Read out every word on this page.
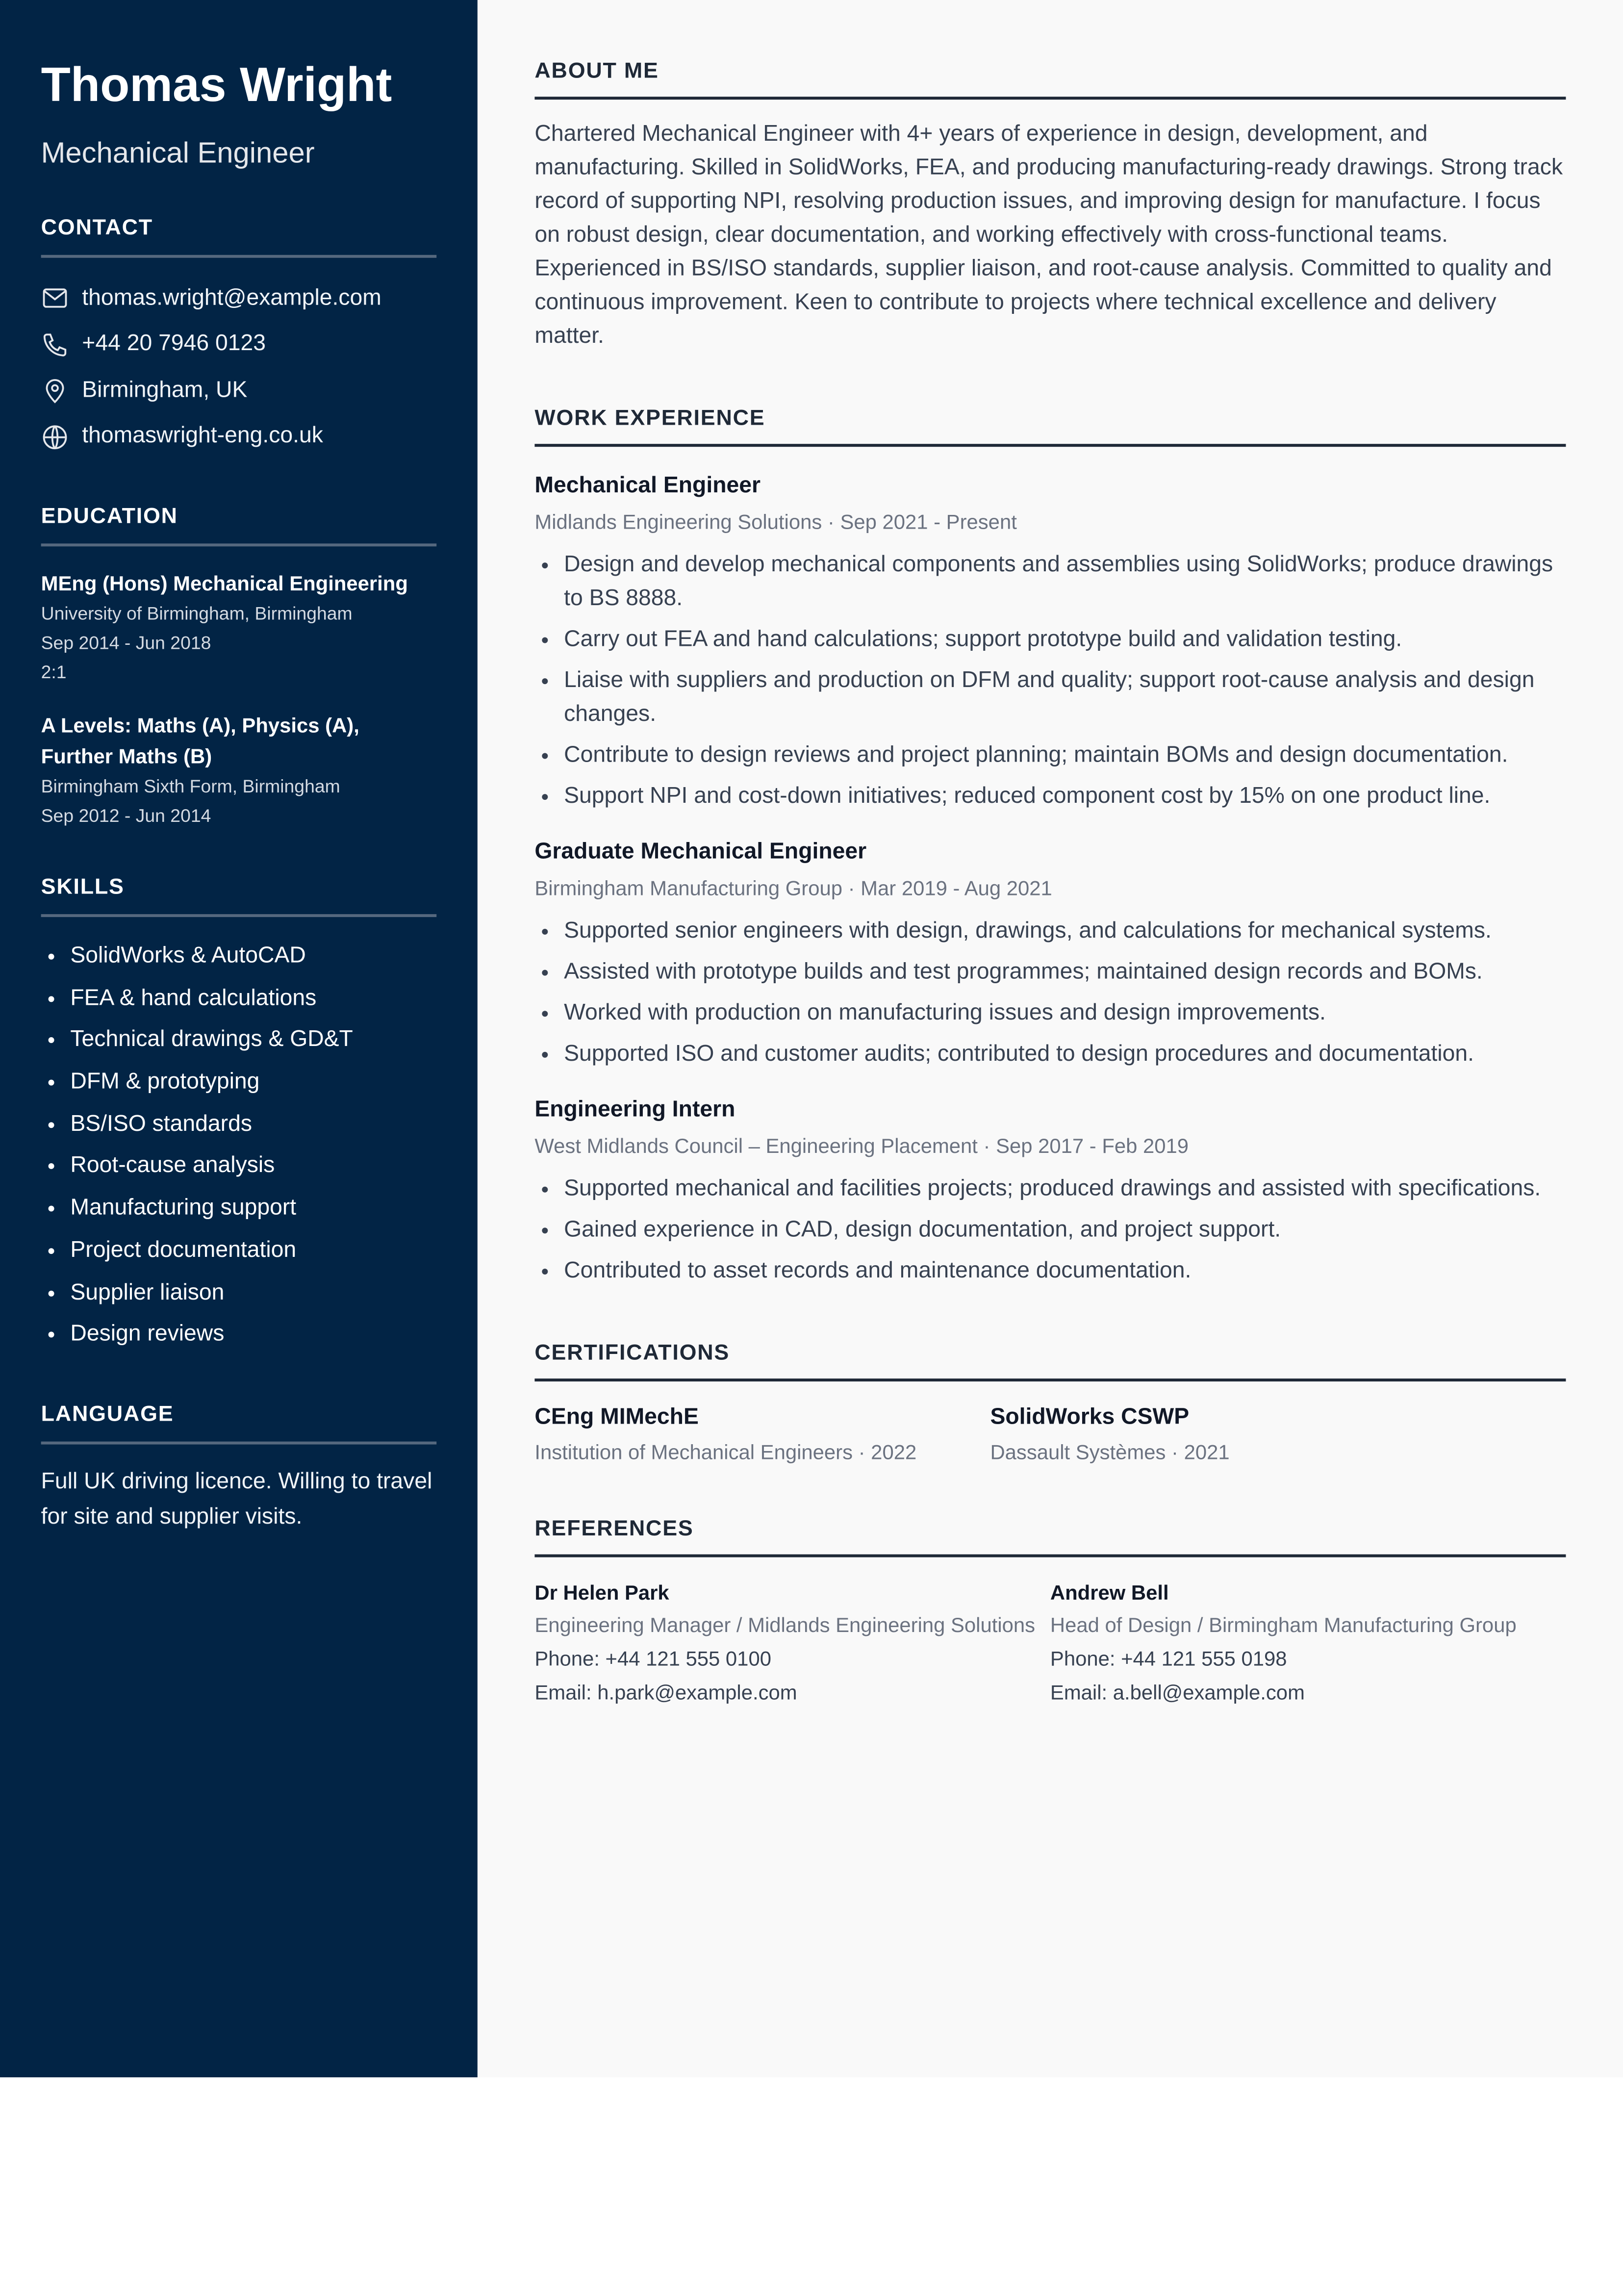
Thomas Wright
Mechanical Engineer
CONTACT
thomas.wright@example.com
+44 20 7946 0123
Birmingham, UK
thomaswright-eng.co.uk
EDUCATION
MEng (Hons) Mechanical Engineering
University of Birmingham, Birmingham
Sep 2014 - Jun 2018
2:1
A Levels: Maths (A), Physics (A), Further Maths (B)
Birmingham Sixth Form, Birmingham
Sep 2012 - Jun 2014
SKILLS
• SolidWorks & AutoCAD
• FEA & hand calculations
• Technical drawings & GD&T
• DFM & prototyping
• BS/ISO standards
• Root-cause analysis
• Manufacturing support
• Project documentation
• Supplier liaison
• Design reviews
LANGUAGE
Full UK driving licence. Willing to travel for site and supplier visits.
ABOUT ME
Chartered Mechanical Engineer with 4+ years of experience in design, development, and manufacturing. Skilled in SolidWorks, FEA, and producing manufacturing-ready drawings. Strong track record of supporting NPI, resolving production issues, and improving design for manufacture. I focus on robust design, clear documentation, and working effectively with cross-functional teams.
Experienced in BS/ISO standards, supplier liaison, and root-cause analysis. Committed to quality and continuous improvement. Keen to contribute to projects where technical excellence and delivery matter.
WORK EXPERIENCE
Mechanical Engineer
Midlands Engineering Solutions · Sep 2021 - Present
• Design and develop mechanical components and assemblies using SolidWorks; produce drawings to BS 8888.
• Carry out FEA and hand calculations; support prototype build and validation testing.
• Liaise with suppliers and production on DFM and quality; support root-cause analysis and design changes.
• Contribute to design reviews and project planning; maintain BOMs and design documentation.
• Support NPI and cost-down initiatives; reduced component cost by 15% on one product line.
Graduate Mechanical Engineer
Birmingham Manufacturing Group · Mar 2019 - Aug 2021
• Supported senior engineers with design, drawings, and calculations for mechanical systems.
• Assisted with prototype builds and test programmes; maintained design records and BOMs.
• Worked with production on manufacturing issues and design improvements.
• Supported ISO and customer audits; contributed to design procedures and documentation.
Engineering Intern
West Midlands Council – Engineering Placement · Sep 2017 - Feb 2019
• Supported mechanical and facilities projects; produced drawings and assisted with specifications.
• Gained experience in CAD, design documentation, and project support.
• Contributed to asset records and maintenance documentation.
CERTIFICATIONS
CEng MIMechE
Institution of Mechanical Engineers · 2022
SolidWorks CSWP
Dassault Systèmes · 2021
REFERENCES
Dr Helen Park
Engineering Manager / Midlands Engineering Solutions
Phone: +44 121 555 0100
Email: h.park@example.com
Andrew Bell
Head of Design / Birmingham Manufacturing Group
Phone: +44 121 555 0198
Email: a.bell@example.com
